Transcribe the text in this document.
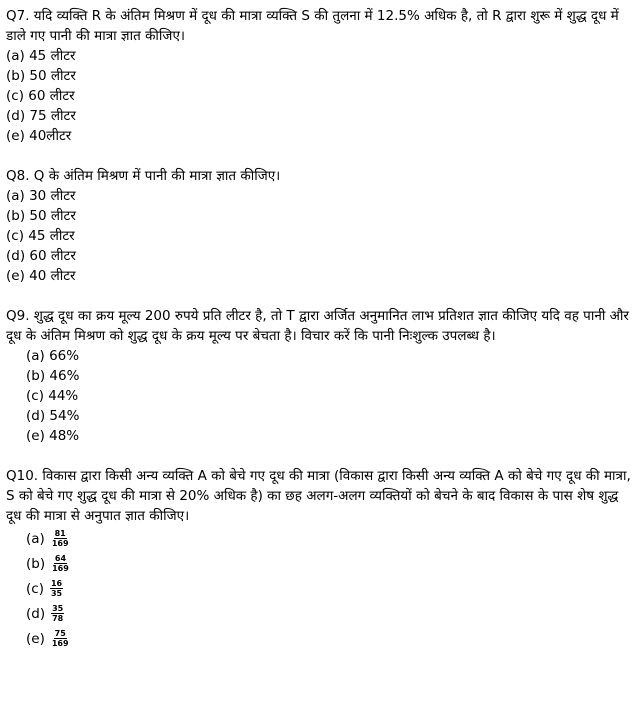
Q7. यदि व्यक्ति R के अंतिम मिश्रण में दूध की मात्रा व्यक्ति S की तुलना में 12.5% अधिक है, तो R द्वारा शुरू में शुद्ध दूध में डाले गए पानी की मात्रा ज्ञात कीजिए।

(a) 45 लीटर

(b) 50 लीटर

(c) 60 लीटर

(d) 75 लीटर

(e) 40लीटर

Q8. Q के अंतिम मिश्रण में पानी की मात्रा ज्ञात कीजिए।

(a) 30 लीटर

(b) 50 लीटर

(c) 45 लीटर

(d) 60 लीटर

(e) 40 लीटर

Q9. शुद्ध दूध का क्रय मूल्य 200 रुपये प्रति लीटर है, तो T द्वारा अर्जित अनुमानित लाभ प्रतिशत ज्ञात कीजिए यदि वह पानी और दूध के अंतिम मिश्रण को शुद्ध दूध के क्रय मूल्य पर बेचता है। विचार करें कि पानी निःशुल्क उपलब्ध है।

(a) 66%

(b) 46%

(c) 44%

(d) 54%

(e) 48%

Q10. विकास द्वारा किसी अन्य व्यक्ति A को बेचे गए दूध की मात्रा (विकास द्वारा किसी अन्य व्यक्ति A को बेचे गए दूध की मात्रा, S को बेचे गए शुद्ध दूध की मात्रा से 20% अधिक है) का छह अलग-अलग व्यक्तियों को बेचने के बाद विकास के पास शेष शुद्ध दूध की मात्रा से अनुपात ज्ञात कीजिए।

$(a) \frac{81}{169}$
$(b) \frac{64}{169}$
$(c) \frac{16}{35}$
$(d) \frac{35}{78}$
$(e) \frac{75}{169}$
